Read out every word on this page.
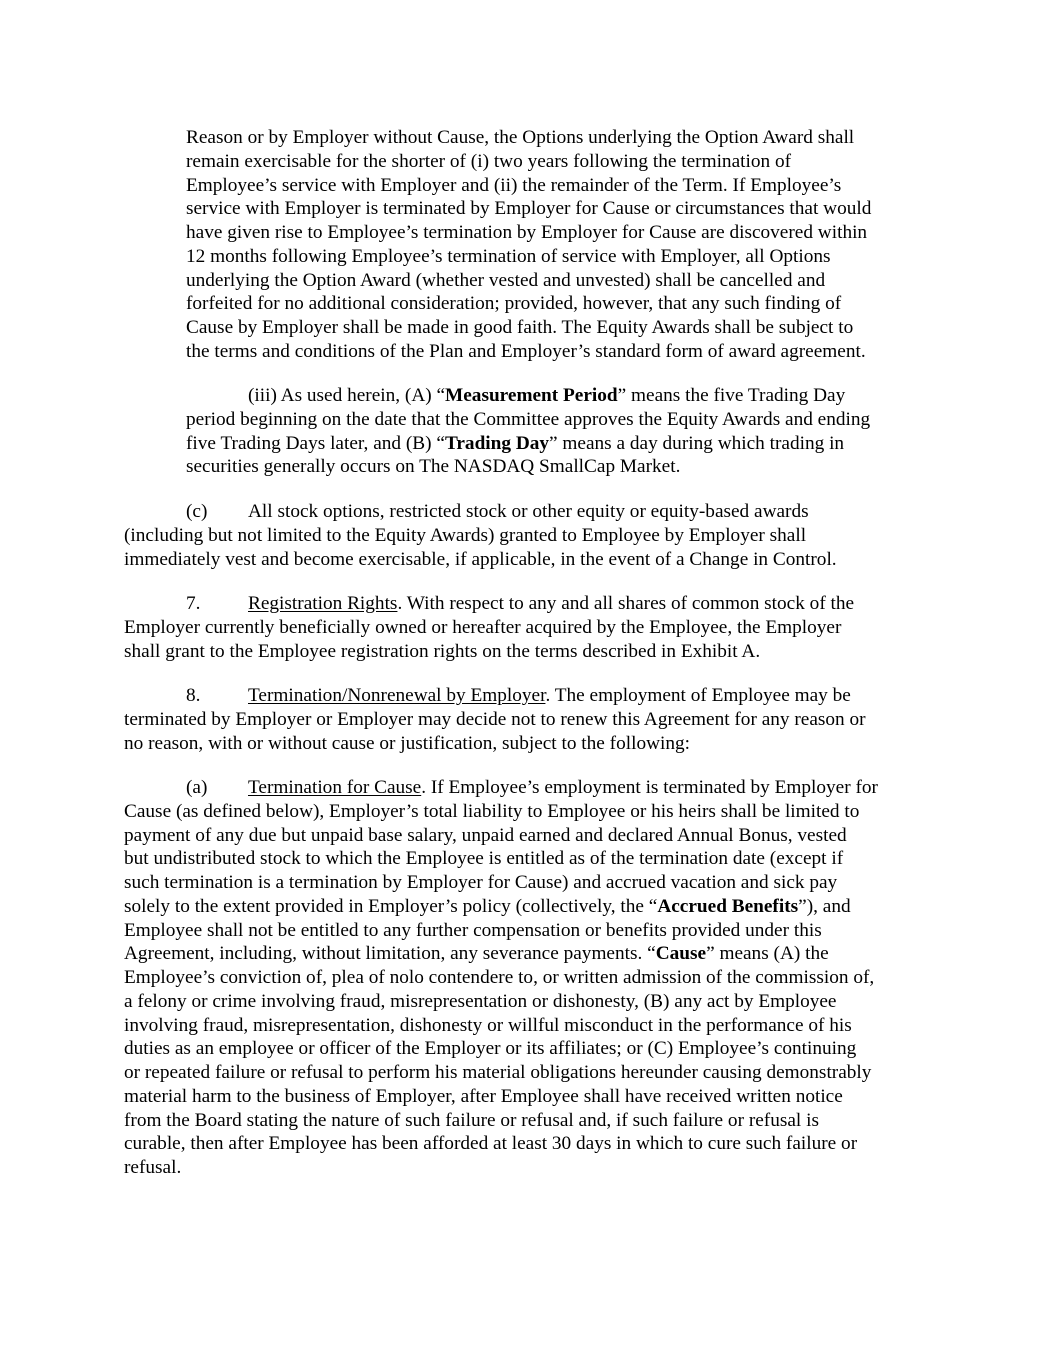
Reason or by Employer without Cause, the Options underlying the Option Award shall
remain exercisable for the shorter of (i) two years following the termination of
Employee’s service with Employer and (ii) the remainder of the Term. If Employee’s
service with Employer is terminated by Employer for Cause or circumstances that would
have given rise to Employee’s termination by Employer for Cause are discovered within
12 months following Employee’s termination of service with Employer, all Options
underlying the Option Award (whether vested and unvested) shall be cancelled and
forfeited for no additional consideration; provided, however, that any such finding of
Cause by Employer shall be made in good faith. The Equity Awards shall be subject to
the terms and conditions of the Plan and Employer’s standard form of award agreement.
(iii) As used herein, (A) “Measurement Period” means the five Trading Day
period beginning on the date that the Committee approves the Equity Awards and ending
five Trading Days later, and (B) “Trading Day” means a day during which trading in
securities generally occurs on The NASDAQ SmallCap Market.
(c) All stock options, restricted stock or other equity or equity-based awards
(including but not limited to the Equity Awards) granted to Employee by Employer shall
immediately vest and become exercisable, if applicable, in the event of a Change in Control.
7. Registration Rights. With respect to any and all shares of common stock of the
Employer currently beneficially owned or hereafter acquired by the Employee, the Employer
shall grant to the Employee registration rights on the terms described in Exhibit A.
8. Termination/Nonrenewal by Employer. The employment of Employee may be
terminated by Employer or Employer may decide not to renew this Agreement for any reason or
no reason, with or without cause or justification, subject to the following:
(a) Termination for Cause. If Employee’s employment is terminated by Employer for
Cause (as defined below), Employer’s total liability to Employee or his heirs shall be limited to
payment of any due but unpaid base salary, unpaid earned and declared Annual Bonus, vested
but undistributed stock to which the Employee is entitled as of the termination date (except if
such termination is a termination by Employer for Cause) and accrued vacation and sick pay
solely to the extent provided in Employer’s policy (collectively, the “Accrued Benefits”), and
Employee shall not be entitled to any further compensation or benefits provided under this
Agreement, including, without limitation, any severance payments. “Cause” means (A) the
Employee’s conviction of, plea of nolo contendere to, or written admission of the commission of,
a felony or crime involving fraud, misrepresentation or dishonesty, (B) any act by Employee
involving fraud, misrepresentation, dishonesty or willful misconduct in the performance of his
duties as an employee or officer of the Employer or its affiliates; or (C) Employee’s continuing
or repeated failure or refusal to perform his material obligations hereunder causing demonstrably
material harm to the business of Employer, after Employee shall have received written notice
from the Board stating the nature of such failure or refusal and, if such failure or refusal is
curable, then after Employee has been afforded at least 30 days in which to cure such failure or
refusal.
